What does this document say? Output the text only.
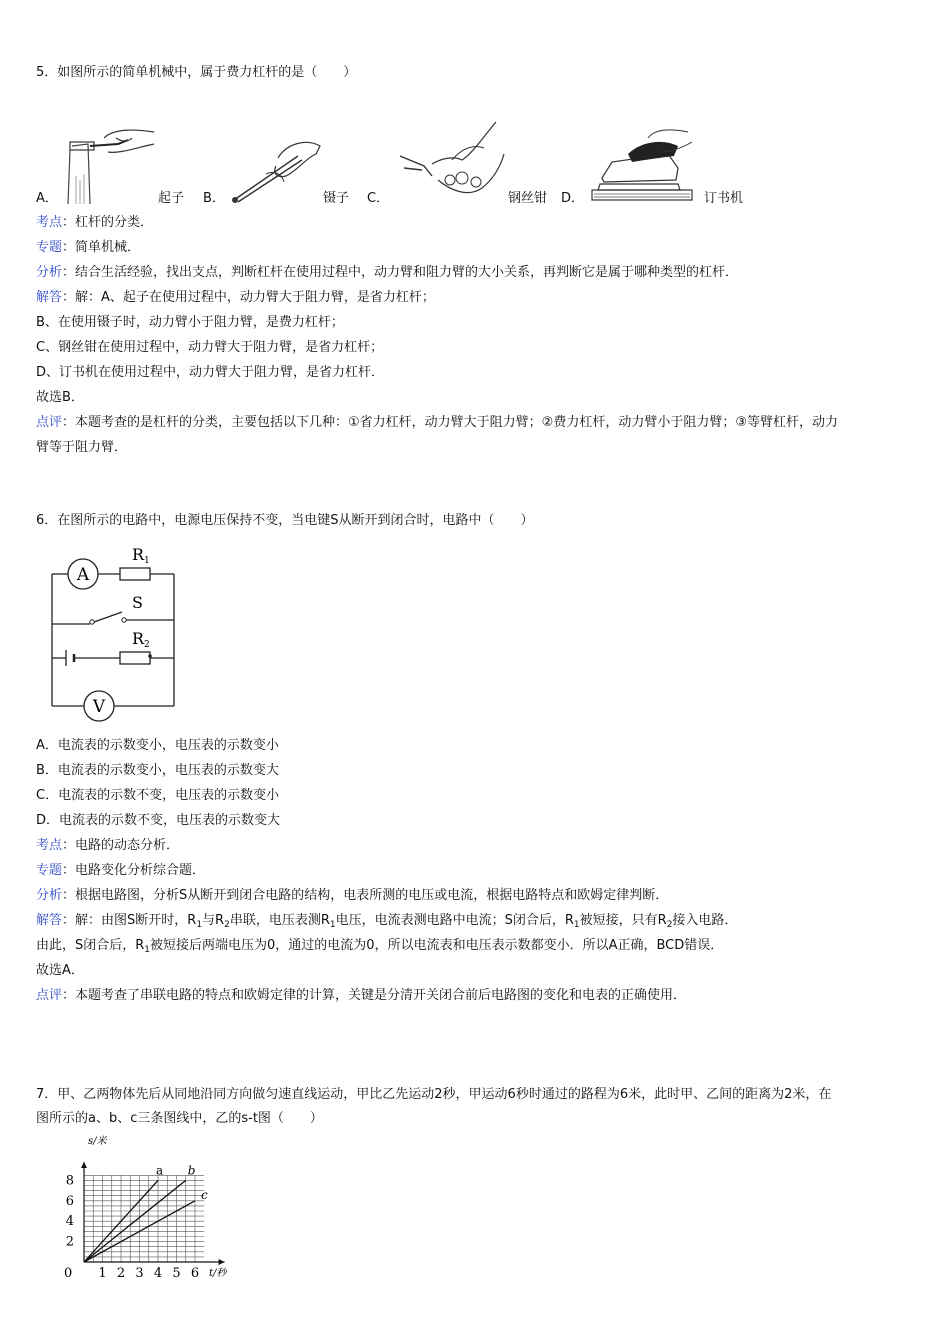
5．如图所示的简单机械中，属于费力杠杆的是（　　）
A．	起子 B．	镊子 C．	钢丝钳 D．	订书机
考点：杠杆的分类．
专题：简单机械．
分析：结合生活经验，找出支点，判断杠杆在使用过程中，动力臂和阻力臂的大小关系，再判断它是属于哪种类型的杠杆．
解答：解：A、起子在使用过程中，动力臂大于阻力臂，是省力杠杆；
B、在使用镊子时，动力臂小于阻力臂，是费力杠杆；
C、钢丝钳在使用过程中，动力臂大于阻力臂，是省力杠杆；
D、订书机在使用过程中，动力臂大于阻力臂，是省力杠杆．
故选B．
点评：本题考查的是杠杆的分类，主要包括以下几种：①省力杠杆，动力臂大于阻力臂；②费力杠杆，动力臂小于阻力臂；③等臂杠杆，动力
臂等于阻力臂．
6．在图所示的电路中，电源电压保持不变，当电键S从断开到闭合时，电路中（　　）
A
V
R1
R2
S
A．电流表的示数变小，电压表的示数变小
B．电流表的示数变小，电压表的示数变大
C．电流表的示数不变，电压表的示数变小
D．电流表的示数不变，电压表的示数变大
考点：电路的动态分析．
专题：电路变化分析综合题．
分析：根据电路图，分析S从断开到闭合电路的结构，电表所测的电压或电流，根据电路特点和欧姆定律判断．
解答：解：由图S断开时，$R_1$与$R_2$串联，电压表测$R_1$电压，电流表测电路中电流；S闭合后，$R_1$被短接，只有$R_2$接入电路．
由此，S闭合后，$R_1$被短接后两端电压为0，通过的电流为0，所以电流表和电压表示数都变小．所以A正确，BCD错误．
故选A．
点评：本题考查了串联电路的特点和欧姆定律的计算，关键是分清开关闭合前后电路图的变化和电表的正确使用．
7．甲、乙两物体先后从同地沿同方向做匀速直线运动，甲比乙先运动2秒，甲运动6秒时通过的路程为6米，此时甲、乙间的距离为2米，在
图所示的a、b、c三条图线中，乙的s-t图（　　）
1 2 3 4 5 6
2
4
6
8
0
s/米
t/秒
a b
c
